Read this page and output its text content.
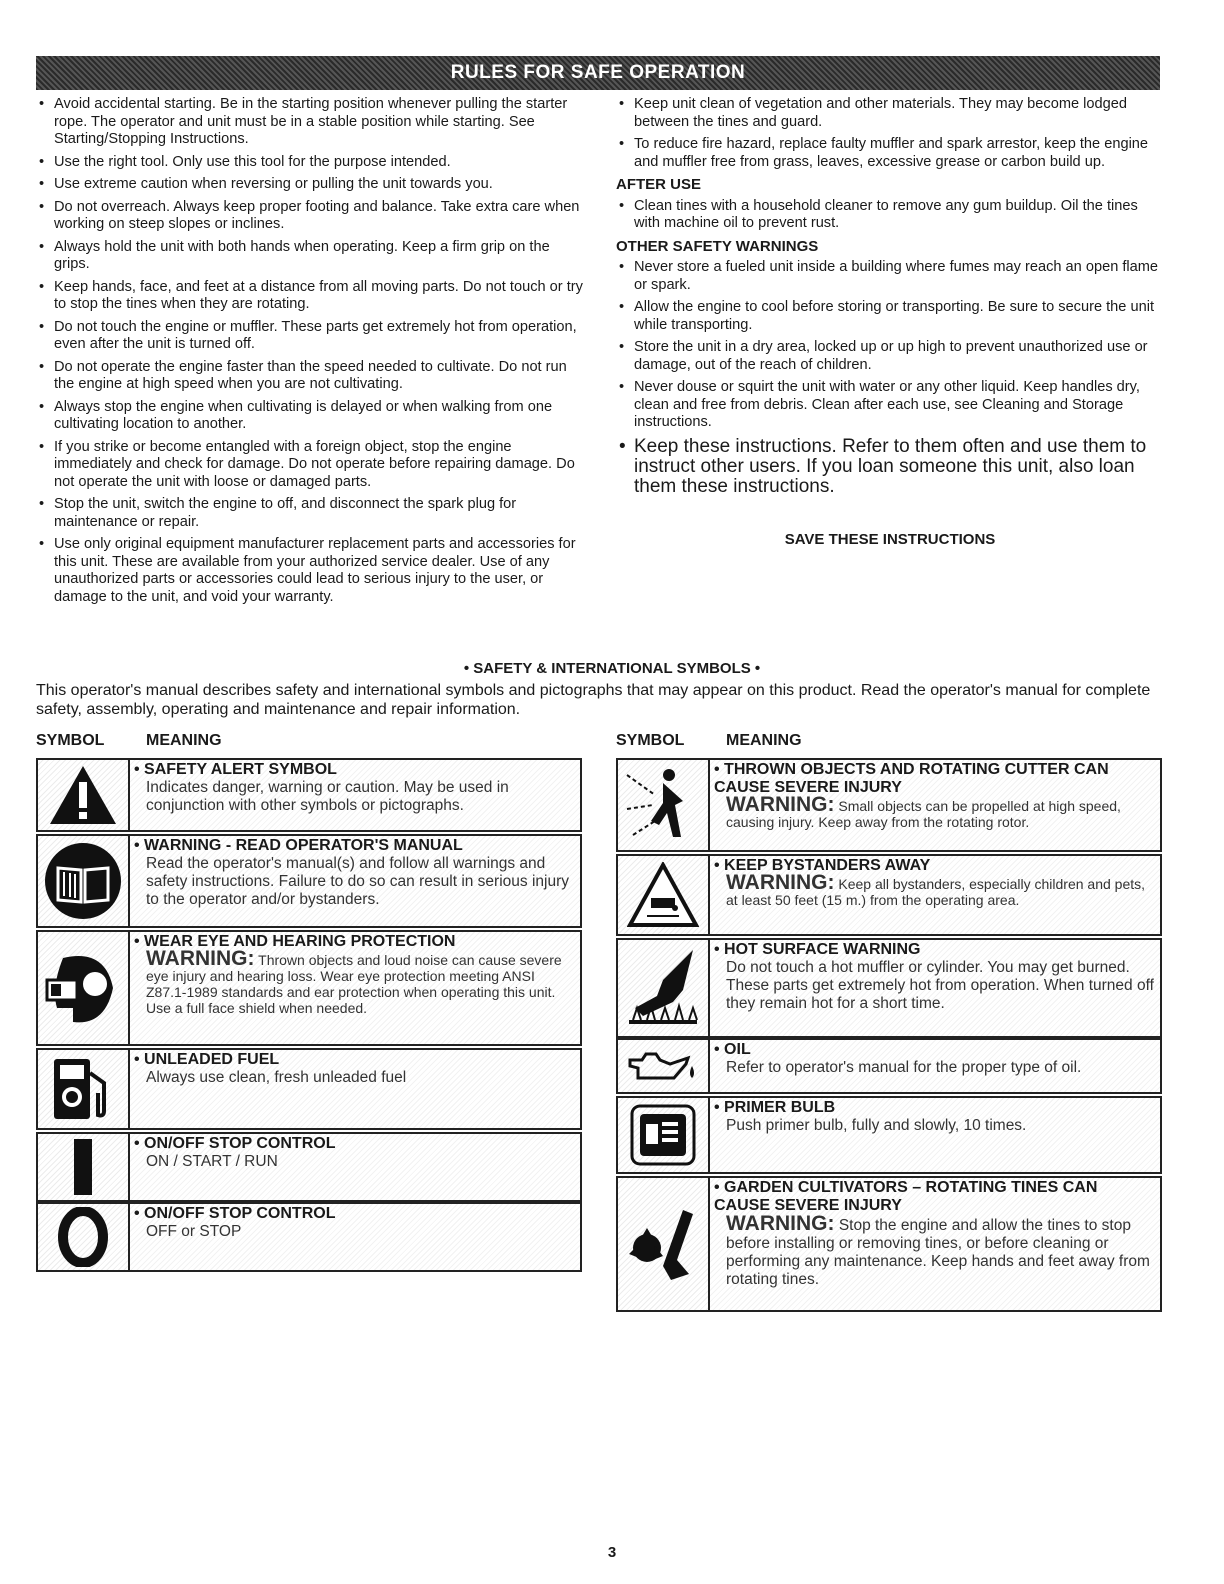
RULES FOR SAFE OPERATION
• Avoid accidental starting. Be in the starting position whenever pulling the starter rope. The operator and unit must be in a stable position while starting. See Starting/Stopping Instructions.
• Use the right tool. Only use this tool for the purpose intended.
• Use extreme caution when reversing or pulling the unit towards you.
• Do not overreach. Always keep proper footing and balance. Take extra care when working on steep slopes or inclines.
• Always hold the unit with both hands when operating. Keep a firm grip on the grips.
• Keep hands, face, and feet at a distance from all moving parts. Do not touch or try to stop the tines when they are rotating.
• Do not touch the engine or muffler. These parts get extremely hot from operation, even after the unit is turned off.
• Do not operate the engine faster than the speed needed to cultivate. Do not run the engine at high speed when you are not cultivating.
• Always stop the engine when cultivating is delayed or when walking from one cultivating location to another.
• If you strike or become entangled with a foreign object, stop the engine immediately and check for damage. Do not operate before repairing damage. Do not operate the unit with loose or damaged parts.
• Stop the unit, switch the engine to off, and disconnect the spark plug for maintenance or repair.
• Use only original equipment manufacturer replacement parts and accessories for this unit. These are available from your authorized service dealer. Use of any unauthorized parts or accessories could lead to serious injury to the user, or damage to the unit, and void your warranty.
• Keep unit clean of vegetation and other materials. They may become lodged between the tines and guard.
• To reduce fire hazard, replace faulty muffler and spark arrestor, keep the engine and muffler free from grass, leaves, excessive grease or carbon build up.
AFTER USE
• Clean tines with a household cleaner to remove any gum buildup. Oil the tines with machine oil to prevent rust.
OTHER SAFETY WARNINGS
• Never store a fueled unit inside a building where fumes may reach an open flame or spark.
• Allow the engine to cool before storing or transporting. Be sure to secure the unit while transporting.
• Store the unit in a dry area, locked up or up high to prevent unauthorized use or damage, out of the reach of children.
• Never douse or squirt the unit with water or any other liquid. Keep handles dry, clean and free from debris. Clean after each use, see Cleaning and Storage instructions.
• Keep these instructions. Refer to them often and use them to instruct other users. If you loan someone this unit, also loan them these instructions.
SAVE THESE INSTRUCTIONS
• SAFETY & INTERNATIONAL SYMBOLS •
This operator's manual describes safety and international symbols and pictographs that may appear on this product. Read the operator's manual for complete safety, assembly, operating and maintenance and repair information.
SYMBOL	MEANING	SYMBOL	MEANING
• SAFETY ALERT SYMBOL
Indicates danger, warning or caution. May be used in conjunction with other symbols or pictographs.
• WARNING - READ OPERATOR'S MANUAL
Read the operator's manual(s) and follow all warnings and safety instructions. Failure to do so can result in serious injury to the operator and/or bystanders.
• WEAR EYE AND HEARING PROTECTION
WARNING: Thrown objects and loud noise can cause severe eye injury and hearing loss. Wear eye protection meeting ANSI Z87.1-1989 standards and ear protection when operating this unit. Use a full face shield when needed.
• UNLEADED FUEL
Always use clean, fresh unleaded fuel
• ON/OFF STOP CONTROL
ON / START / RUN
• ON/OFF STOP CONTROL
OFF or STOP
• THROWN OBJECTS AND ROTATING CUTTER CAN CAUSE SEVERE INJURY
WARNING: Small objects can be propelled at high speed, causing injury. Keep away from the rotating rotor.
• KEEP BYSTANDERS AWAY
WARNING: Keep all bystanders, especially children and pets, at least 50 feet (15 m.) from the operating area.
• HOT SURFACE WARNING
Do not touch a hot muffler or cylinder. You may get burned. These parts get extremely hot from operation. When turned off they remain hot for a short time.
• OIL
Refer to operator's manual for the proper type of oil.
• PRIMER BULB
Push primer bulb, fully and slowly, 10 times.
• GARDEN CULTIVATORS – ROTATING TINES CAN CAUSE SEVERE INJURY
WARNING: Stop the engine and allow the tines to stop before installing or removing tines, or before cleaning or performing any maintenance. Keep hands and feet away from rotating tines.
3
